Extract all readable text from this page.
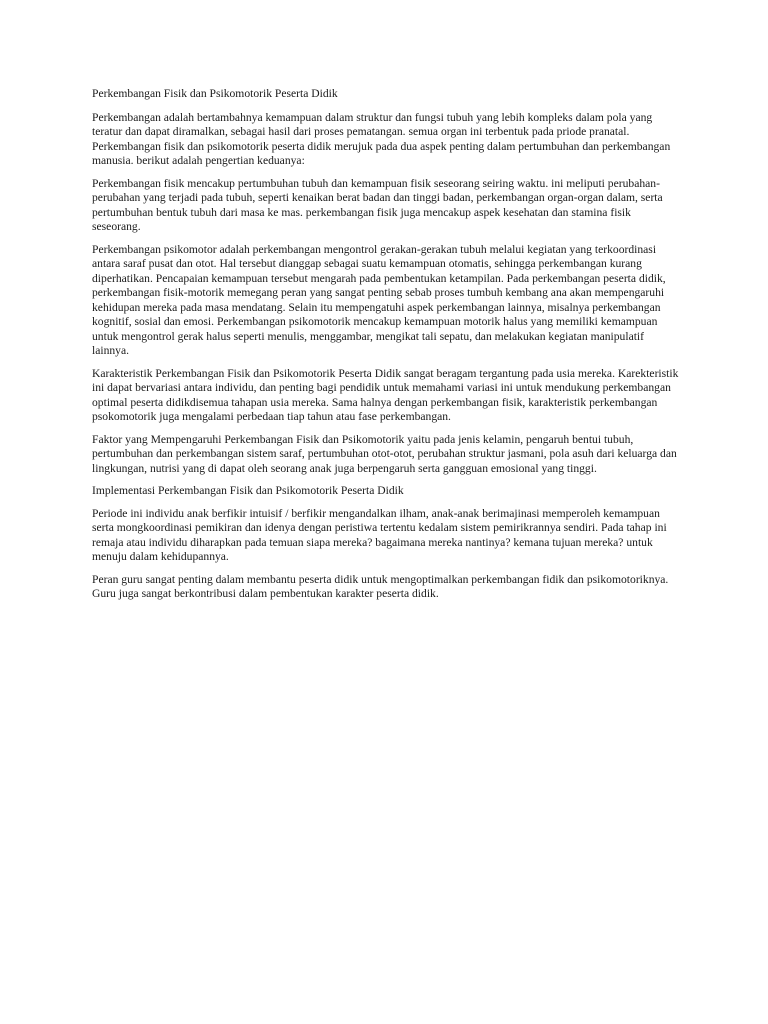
Perkembangan Fisik dan Psikomotorik Peserta Didik

Perkembangan adalah bertambahnya kemampuan dalam struktur dan fungsi tubuh yang lebih kompleks dalam pola yang teratur dan dapat diramalkan, sebagai hasil dari proses pematangan. semua organ ini terbentuk pada priode pranatal. Perkembangan fisik dan psikomotorik peserta didik merujuk pada dua aspek penting dalam pertumbuhan dan perkembangan manusia. berikut adalah pengertian keduanya:

Perkembangan fisik mencakup pertumbuhan tubuh dan kemampuan fisik seseorang seiring waktu. ini meliputi perubahan-perubahan yang terjadi pada tubuh, seperti kenaikan berat badan dan tinggi badan, perkembangan organ-organ dalam, serta pertumbuhan bentuk tubuh dari masa ke mas. perkembangan fisik juga mencakup aspek kesehatan dan stamina fisik seseorang.

Perkembangan psikomotor adalah perkembangan mengontrol gerakan-gerakan tubuh melalui kegiatan yang terkoordinasi antara saraf pusat dan otot. Hal tersebut dianggap sebagai suatu kemampuan otomatis, sehingga perkembangan kurang diperhatikan. Pencapaian kemampuan tersebut mengarah pada pembentukan ketampilan. Pada perkembangan peserta didik, perkembangan fisik-motorik memegang peran yang sangat penting sebab proses tumbuh kembang ana akan mempengaruhi kehidupan mereka pada masa mendatang. Selain itu mempengatuhi aspek perkembangan lainnya, misalnya perkembangan kognitif, sosial dan emosi. Perkembangan psikomotorik mencakup kemampuan motorik halus yang memiliki kemampuan untuk mengontrol gerak halus seperti menulis, menggambar, mengikat tali sepatu, dan melakukan kegiatan manipulatif lainnya.

Karakteristik Perkembangan Fisik dan Psikomotorik Peserta Didik sangat beragam tergantung pada usia mereka. Karekteristik ini dapat bervariasi antara individu, dan penting bagi pendidik untuk memahami variasi ini untuk mendukung perkembangan optimal peserta didikdisemua tahapan usia mereka. Sama halnya dengan perkembangan fisik, karakteristik perkembangan psokomotorik juga mengalami perbedaan tiap tahun atau fase perkembangan.

Faktor yang Mempengaruhi Perkembangan Fisik dan Psikomotorik yaitu pada jenis kelamin, pengaruh bentui tubuh, pertumbuhan dan perkembangan sistem saraf, pertumbuhan otot-otot, perubahan struktur jasmani, pola asuh dari keluarga dan lingkungan, nutrisi yang di dapat oleh seorang anak juga berpengaruh serta gangguan emosional yang tinggi.

Implementasi Perkembangan Fisik dan Psikomotorik Peserta Didik

Periode ini individu anak berfikir intuisif / berfikir mengandalkan ilham, anak-anak berimajinasi memperoleh kemampuan serta mongkoordinasi pemikiran dan idenya dengan peristiwa tertentu kedalam sistem pemirikrannya sendiri. Pada tahap ini remaja atau individu diharapkan pada temuan siapa mereka? bagaimana mereka nantinya? kemana tujuan mereka? untuk menuju dalam kehidupannya.

Peran guru sangat penting dalam membantu peserta didik untuk mengoptimalkan perkembangan fidik dan psikomotoriknya. Guru juga sangat berkontribusi dalam pembentukan karakter peserta didik.
